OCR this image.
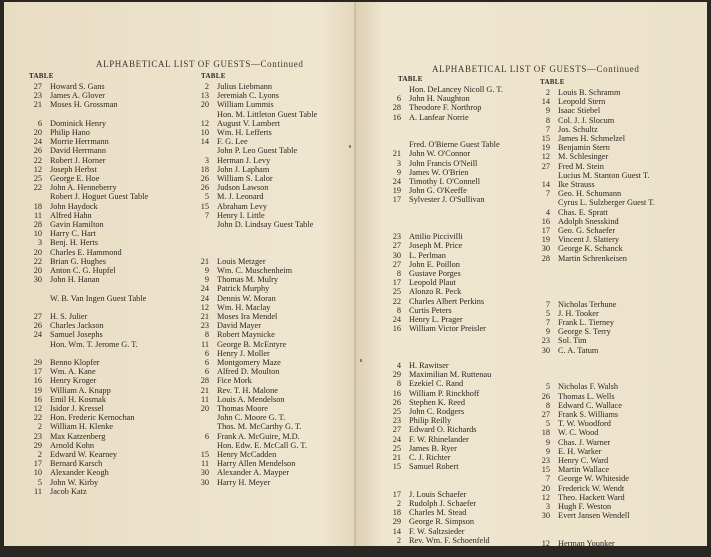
ALPHABETICAL LIST OF GUESTS—Continued
TABLE	TABLE
27 Howard S. Gans
23 James A. Glover
21 Moses H. Grossman
6 Dominick Henry
20 Philip Hano
24 Morrie Herrmann
26 David Herrmann
22 Robert J. Horner
12 Joseph Herbst
25 George E. Hoe
22 John A. Henneberry
Robert J. Hoguet Guest Table
18 John Haydock
11 Alfred Hahn
28 Gavin Hamilton
10 Harry C. Hart
3 Benj. H. Herts
20 Charles E. Hammond
22 Brian G. Hughes
20 Anton C. G. Hupfel
30 John H. Hanan
W. B. Van Ingen Guest Table
27 H. S. Julier
26 Charles Jackson
24 Samuel Josephs
Hon. Wm. T. Jerome G. T.
29 Benno Klopfer
17 Wm. A. Kane
16 Henry Kroger
19 William A. Knapp
16 Emil H. Kosmak
12 Isidor J. Kressel
22 Hon. Frederic Kernochan
2 William H. Klenke
23 Max Katzenberg
29 Arnold Kohn
2 Edward W. Kearney
17 Bernard Karsch
10 Alexander Keogh
5 John W. Kirby
11 Jacob Katz
2 Julius Liebmann
13 Jeremiah C. Lyons
20 William Lummis
Hon. M. Littleton Guest Table
12 August V. Lambert
10 Wm. H. Lefferts
14 F. G. Lee
John P. Leo Guest Table
3 Herman J. Levy
18 John J. Lapham
26 William S. Lalor
26 Judson Lawson
5 M. J. Leonard
15 Abraham Levy
7 Henry I. Little
John D. Lindsay Guest Table
21 Louis Metzger
9 Wm. C. Muschenheim
9 Thomas M. Mulry
24 Patrick Murphy
24 Dennis W. Moran
12 Wm. H. Maclay
21 Moses Ira Mendel
23 David Mayer
8 Robert Maynicke
11 George B. McEntyre
6 Henry J. Moller
6 Montgomery Maze
6 Alfred D. Moulton
28 Fice Mork
21 Rev. T. H. Malone
11 Louis A. Mendelson
20 Thomas Moore
John C. Moore G. T.
Thos. M. McCarthy G. T.
6 Frank A. McGuire, M.D.
Hon. Edw. E. McCall G. T.
15 Henry McCadden
11 Harry Allen Mendelson
30 Alexander A. Mayper
30 Harry H. Meyer
ALPHABETICAL LIST OF GUESTS—Continued
TABLE	TABLE
Hon. DeLancey Nicoll G. T.
6 John H. Naughton
28 Theodore F. Northrop
16 A. Lanfear Norrie
Fred. O'Bierne Guest Table
21 John W. O'Connor
3 John Francis O'Neill
9 James W. O'Brien
24 Timothy I. O'Connell
19 John G. O'Keeffe
17 Sylvester J. O'Sullivan
23 Attilio Piccivilli
27 Joseph M. Price
30 L. Perlman
27 John E. Poillon
8 Gustave Porges
17 Leopold Plaut
25 Alonzo R. Peck
22 Charles Albert Perkins
8 Curtis Peters
24 Henry L. Prager
16 William Victor Preisler
4 H. Rawitser
29 Maximilian M. Ruttenau
8 Ezekiel C. Rand
16 William P. Rinckhoff
26 Stephen K. Reed
25 John C. Rodgers
23 Philip Reilly
27 Edward O. Richards
24 F. W. Rhinelander
25 James B. Ryer
21 C. J. Richter
15 Samuel Robert
17 J. Louis Schaefer
2 Rudolph J. Schaefer
18 Charles M. Stead
29 George R. Simpson
14 F. W. Saltzsieder
2 Rev. Wm. F. Schoenfeld
2 Chaplain Edmund S. Smith
2 Louis B. Schramm
14 Leopold Stern
9 Isaac Stiebel
8 Col. J. J. Slocum
7 Jos. Schultz
15 James H. Schmelzel
19 Benjamin Stern
12 M. Schlesinger
27 Fred M. Stein
Lucius M. Stanton Guest T.
14 Ike Strauss
7 Geo. H. Schumann
Cyrus L. Sulzberger Guest T.
4 Chas. E. Spratt
16 Adolph Snesskind
17 Geo. G. Schaefer
19 Vincent J. Slattery
30 George K. Schanck
28 Martin Schrenkeisen
7 Nicholas Terhune
5 J. H. Tooker
7 Frank L. Tierney
9 George S. Terry
23 Sol. Tim
30 C. A. Tatum
5 Nicholas F. Walsh
26 Thomas L. Wells
8 Edward C. Wallace
27 Frank S. Williams
5 T. W. Woodford
18 W. C. Wood
9 Chas. J. Warner
9 E. H. Warker
23 Henry C. Ward
15 Martin Wallace
7 George W. Whiteside
20 Frederick W. Wendt
12 Theo. Hackett Ward
3 Hugh F. Weston
30 Evert Jansen Wendell
12 Herman Younker
12 William P. Young
